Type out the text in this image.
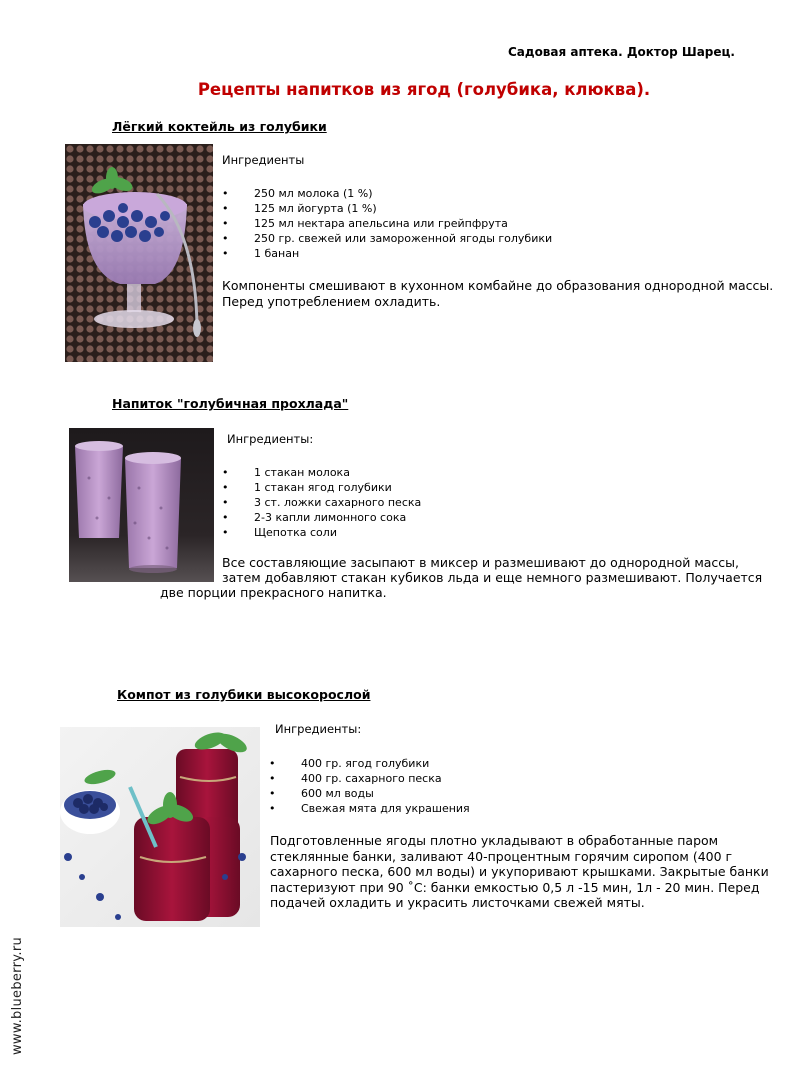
Садовая аптека. Доктор Шарец.
Рецепты напитков из ягод (голубика, клюква).
Лёгкий коктейль из голубики
Ингредиенты
• 250 мл молока (1 %)
• 125 мл йогурта (1 %)
• 125 мл нектара апельсина или грейпфрута
• 250 гр. свежей или замороженной ягоды голубики
• 1 банан
Компоненты смешивают в кухонном комбайне до образования однородной массы.
Перед употреблением охладить.
Напиток "голубичная прохлада"
Ингредиенты:
• 1 стакан молока
• 1 стакан ягод голубики
• 3 ст. ложки сахарного песка
• 2-3 капли лимонного сока
• Щепотка соли
Все составляющие засыпают в миксер и размешивают до однородной массы,
затем добавляют стакан кубиков льда и еще немного размешивают. Получается
две порции прекрасного напитка.
Компот из голубики высокорослой
Ингредиенты:
• 400 гр. ягод голубики
• 400 гр. сахарного песка
• 600 мл воды
• Свежая мята для украшения
Подготовленные ягоды плотно укладывают в обработанные паром
стеклянные банки, заливают 40-процентным горячим сиропом (400 г
сахарного песка, 600 мл воды) и укупоривают крышками. Закрытые банки
пастеризуют при 90 ˚С: банки емкостью 0,5 л -15 мин, 1л - 20 мин. Перед
подачей охладить и украсить листочками свежей мяты.
www.blueberry.ru
